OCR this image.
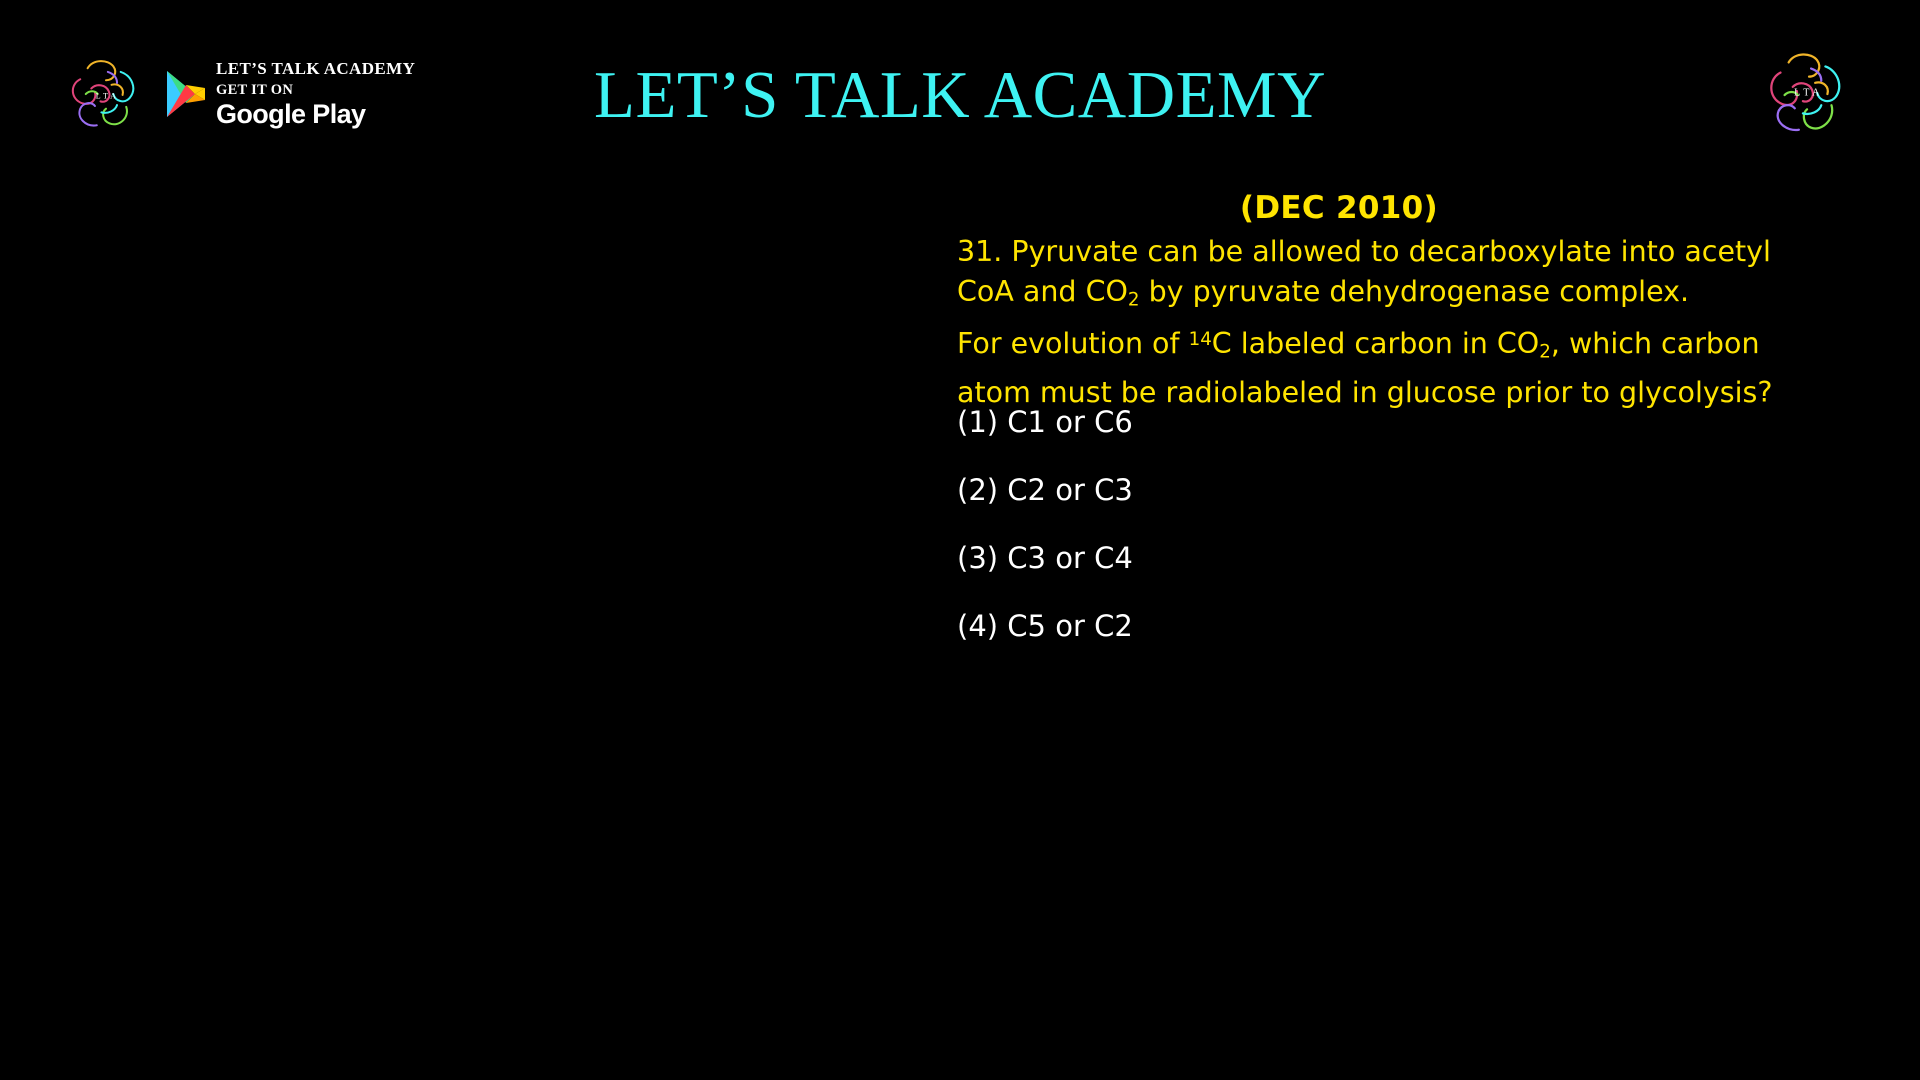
L T A
LET’S TALK ACADEMY
GET IT ON
Google Play	LET’S TALK ACADEMY	L T A
(DEC 2010)
31. Pyruvate can be allowed to decarboxylate into acetyl
CoA and $CO_2$ by pyruvate dehydrogenase complex.
For evolution of $^{14}$C labeled carbon in $CO_2$, which carbon
atom must be radiolabeled in glucose prior to glycolysis?
(1) C1 or C6
(2) C2 or C3
(3) C3 or C4
(4) C5 or C2
